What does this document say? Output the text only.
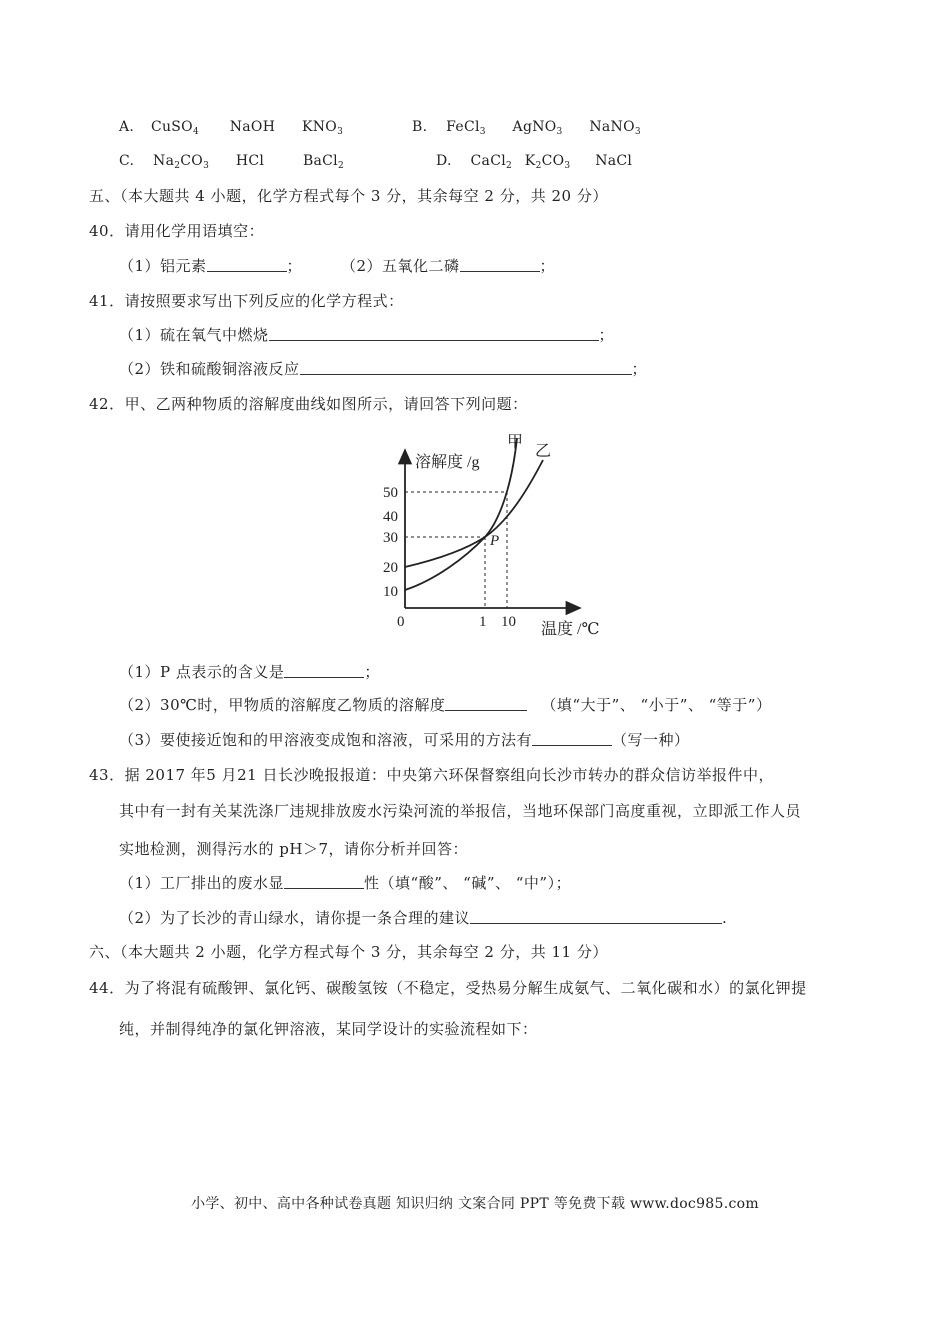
A. CuSO$_4$ NaOH $KNO_3$	B. FeCl$_3$ AgNO$_3$ NaNO$_3$
C. $Na_2CO_3$ HCl	BaCl$_2$	D. CaCl$_2$ $K_2CO_3$ NaCl
五、（本大题共 4 小题，化学方程式每个 3 分，其余每空 2 分，共 20 分）
40．请用化学用语填空：
（1）铝元素	；	（2）五氧化二磷	；
41．请按照要求写出下列反应的化学方程式：
（1）硫在氧气中燃烧	；
（2）铁和硫酸铜溶液反应	；
42．甲、乙两种物质的溶解度曲线如图所示，请回答下列问题：
溶解度 /g
温度 /℃
50
40
30
20
10
0	1 10
甲
乙
P
（1）P 点表示的含义是	；
（2）30℃时，甲物质的溶解度乙物质的溶解度	（填“大于”、 “小于”、 “等于”）
（3）要使接近饱和的甲溶液变成饱和溶液，可采用的方法有	（写一种）
43．据 2017 年5 月21 日长沙晚报报道：中央第六环保督察组向长沙市转办的群众信访举报件中，
其中有一封有关某洗涤厂违规排放废水污染河流的举报信，当地环保部门高度重视，立即派工作人员
实地检测，测得污水的 pH＞7，请你分析并回答：
（1）工厂排出的废水显	性（填“酸”、 “碱”、 “中”）；
（2）为了长沙的青山绿水，请你提一条合理的建议	.
六、（本大题共 2 小题，化学方程式每个 3 分，其余每空 2 分，共 11 分）
44．为了将混有硫酸钾、氯化钙、碳酸氢铵（不稳定，受热易分解生成氨气、二氧化碳和水）的氯化钾提
纯，并制得纯净的氯化钾溶液，某同学设计的实验流程如下：
小学、初中、高中各种试卷真题 知识归纳 文案合同 PPT 等免费下载 www.doc985.com
